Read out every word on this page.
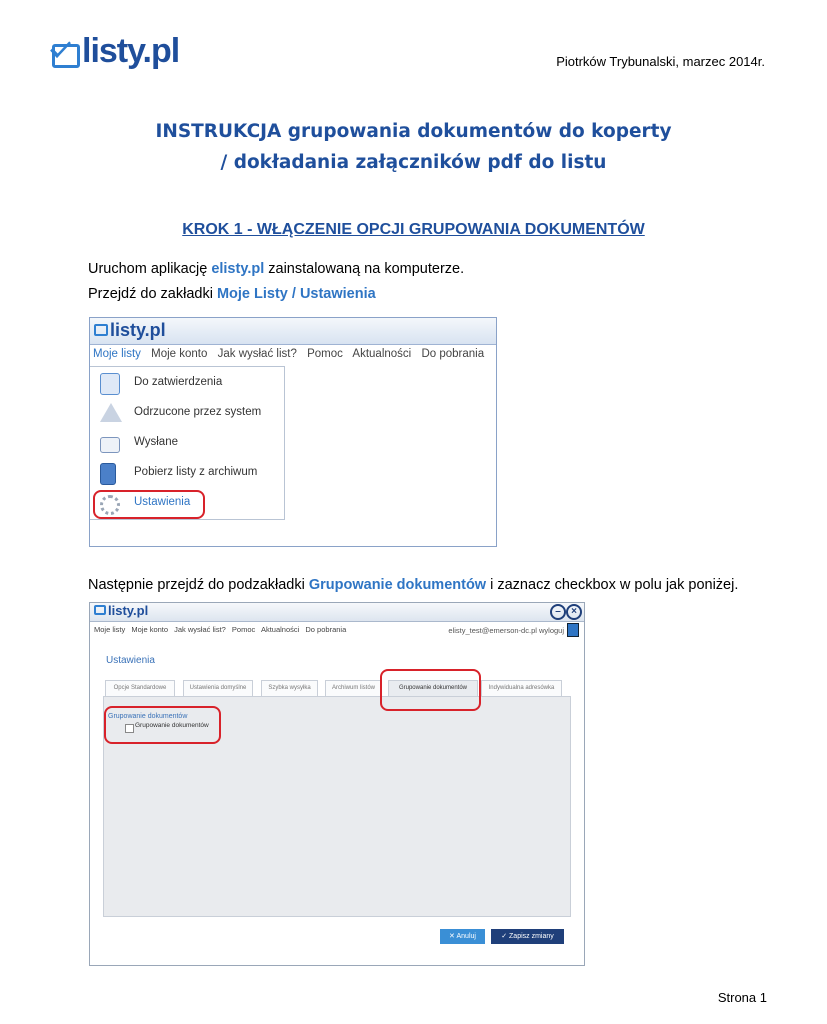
listy.pl	Piotrków Trybunalski, marzec 2014r.
INSTRUKCJA grupowania dokumentów do koperty
/ dokładania załączników pdf do listu
KROK 1 - WŁĄCZENIE OPCJI GRUPOWANIA DOKUMENTÓW
Uruchom aplikację elisty.pl zainstalowaną na komputerze.
Przejdź do zakładki Moje Listy / Ustawienia
listy.pl
Moje listy Moje konto Jak wysłać list? Pomoc Aktualności Do pobrania
Do zatwierdzenia
Odrzucone przez system
Wysłane
Pobierz listy z archiwum
Ustawienia
Następnie przejdź do podzakładki Grupowanie dokumentów i zaznacz checkbox w polu jak poniżej.
listy.pl	–	×
Moje listy Moje konto Jak wysłać list? Pomoc Aktualności Do pobrania	elisty_test@emerson-dc.pl wyloguj
Ustawienia
Opcje Standardowe	Ustawienia domyślne	Szybka wysyłka	Archiwum listów	Grupowanie dokumentów	Indywidualna adresówka
Grupowanie dokumentów
Grupowanie dokumentów
✕ Anuluj	✓ Zapisz zmiany
Strona 1
